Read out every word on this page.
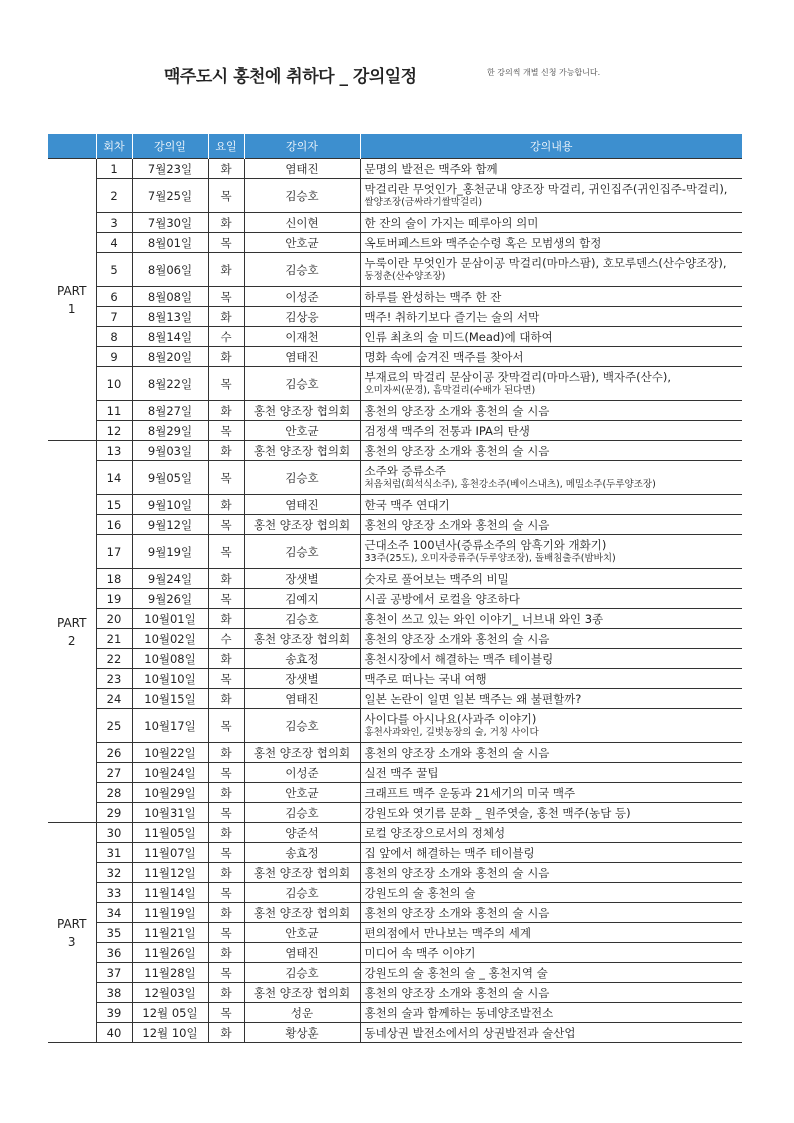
맥주도시 홍천에 취하다 _ 강의일정	한 강의씩 개별 신청 가능합니다.
	회차	강의일	요일	강의자	강의내용

PART
1	1	7월23일	화	염태진	문명의 발전은 맥주와 함께

	2	7월25일	목	김승호	막걸리란 무엇인가_홍천군내 양조장 막걸리, 귀인집주(귀인집주-막걸리),
쌀양조장(금싸라기쌀막걸리)

	3	7월30일	화	신이현	한 잔의 술이 가지는 떼루아의 의미

	4	8월01일	목	안호균	옥토버페스트와 맥주순수령 혹은 모범생의 함정

	5	8월06일	화	김승호	누룩이란 무엇인가 문삼이공 막걸리(마마스팜), 호모루덴스(산수양조장),
동정춘(산수양조장)

	6	8월08일	목	이성준	하루를 완성하는 맥주 한 잔

	7	8월13일	화	김상응	맥주! 취하기보다 즐기는 술의 서막

	8	8월14일	수	이재천	인류 최초의 술 미드(Mead)에 대하여

	9	8월20일	화	염태진	명화 속에 숨겨진 맥주를 찾아서

	10	8월22일	목	김승호	부재료의 막걸리 문삼이공 잣막걸리(마마스팜), 백자주(산수),
오미자씨(문경), 흠막걸리(수배가 된다면)

	11	8월27일	화	홍천 양조장 협의회	홍천의 양조장 소개와 홍천의 술 시음

	12	8월29일	목	안호균	검정색 맥주의 전통과 IPA의 탄생

PART
2	13	9월03일	화	홍천 양조장 협의회	홍천의 양조장 소개와 홍천의 술 시음

	14	9월05일	목	김승호	소주와 증류소주
처음처럼(희석식소주), 홍천강소주(베이스내츠), 메밀소주(두루양조장)

	15	9월10일	화	염태진	한국 맥주 연대기

	16	9월12일	목	홍천 양조장 협의회	홍천의 양조장 소개와 홍천의 술 시음

	17	9월19일	목	김승호	근대소주 100년사(증류소주의 암흑기와 개화기)
33주(25도), 오미자증류주(두루양조장), 돌배침출주(밤바치)

	18	9월24일	화	장샛별	숫자로 풀어보는 맥주의 비밀

	19	9월26일	목	김예지	시골 공방에서 로컬을 양조하다

	20	10월01일	화	김승호	홍천이 쓰고 있는 와인 이야기_ 너브내 와인 3종

	21	10월02일	수	홍천 양조장 협의회	홍천의 양조장 소개와 홍천의 술 시음

	22	10월08일	화	송효정	홍천시장에서 해결하는 맥주 테이블링

	23	10월10일	목	장샛별	맥주로 떠나는 국내 여행

	24	10월15일	화	염태진	일본 논란이 일면 일본 맥주는 왜 불편할까?

	25	10월17일	목	김승호	사이다를 아시나요(사과주 이야기)
홍천사과와인, 길벗농장의 술, 거칭 사이다

	26	10월22일	화	홍천 양조장 협의회	홍천의 양조장 소개와 홍천의 술 시음

	27	10월24일	목	이성준	실전 맥주 꿀팁

	28	10월29일	화	안호균	크래프트 맥주 운동과 21세기의 미국 맥주

	29	10월31일	목	김승호	강원도와 엿기름 문화 _ 원주엿술, 홍천 맥주(농담 등)

PART
3	30	11월05일	화	양준석	로컬 양조장으로서의 정체성

	31	11월07일	목	송효정	집 앞에서 해결하는 맥주 테이블링

	32	11월12일	화	홍천 양조장 협의회	홍천의 양조장 소개와 홍천의 술 시음

	33	11월14일	목	김승호	강원도의 술 홍천의 술

	34	11월19일	화	홍천 양조장 협의회	홍천의 양조장 소개와 홍천의 술 시음

	35	11월21일	목	안호균	편의점에서 만나보는 맥주의 세계

	36	11월26일	화	염태진	미디어 속 맥주 이야기

	37	11월28일	목	김승호	강원도의 술 홍천의 술 _ 홍천지역 술

	38	12월03일	화	홍천 양조장 협의회	홍천의 양조장 소개와 홍천의 술 시음

	39	12월 05일	목	성운	홍천의 술과 함께하는 동네양조발전소

	40	12월 10일	화	황상훈	동네상권 발전소에서의 상권발전과 술산업
